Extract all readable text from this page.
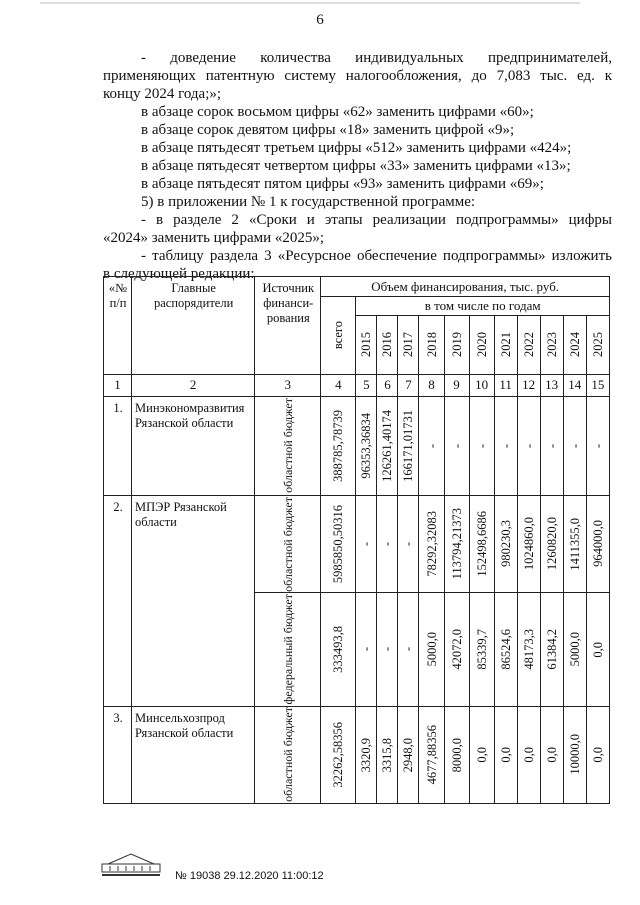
6
- доведение количества индивидуальных предпринимателей,
применяющих патентную систему налогообложения, до 7,083 тыс. ед. к
концу 2024 года;»;
в абзаце сорок восьмом цифры «62» заменить цифрами «60»;
в абзаце сорок девятом цифры «18» заменить цифрой «9»;
в абзаце пятьдесят третьем цифры «512» заменить цифрами «424»;
в абзаце пятьдесят четвертом цифры «33» заменить цифрами «13»;
в абзаце пятьдесят пятом цифры «93» заменить цифрами «69»;
5) в приложении № 1 к государственной программе:
- в разделе 2 «Сроки и этапы реализации подпрограммы» цифры
«2024» заменить цифрами «2025»;
- таблицу раздела 3 «Ресурсное обеспечение подпрограммы» изложить
в следующей редакции:
«№ п/п	Главные распорядители	Источник финанси-рования	Объем финансирования, тыс. руб.											

			всего	в том числе по годам										

				2015	2016	2017	2018	2019	2020	2021	2022	2023	2024	2025

1	2	3	4	5	6	7	8	9	10	11	12	13	14	15
1.	Минэкономразвития Рязанской области	областной бюджет	388785,78739	96353,36834	126261,40174	166171,01731	-	-	-	-	-	-	-	-

2.	МПЭР Рязанской области	областной бюджет	5985850,50316	-	-	-	78292,32083	113794,21373	152498,6686	980230,3	1024860,0	1260820,0	1411355,0	964000,0

		федеральный бюджет	333493,8	-	-	-	5000,0	42072,0	85339,7	86524,6	48173,3	61384,2	5000,0	0,0

3.	Минсельхозпрод Рязанской области	областной бюджет	32262,58356	3320,9	3315,8	2948,0	4677,88356	8000,0	0,0	0,0	0,0	0,0	10000,0	0,0
№ 19038 29.12.2020 11:00:12
